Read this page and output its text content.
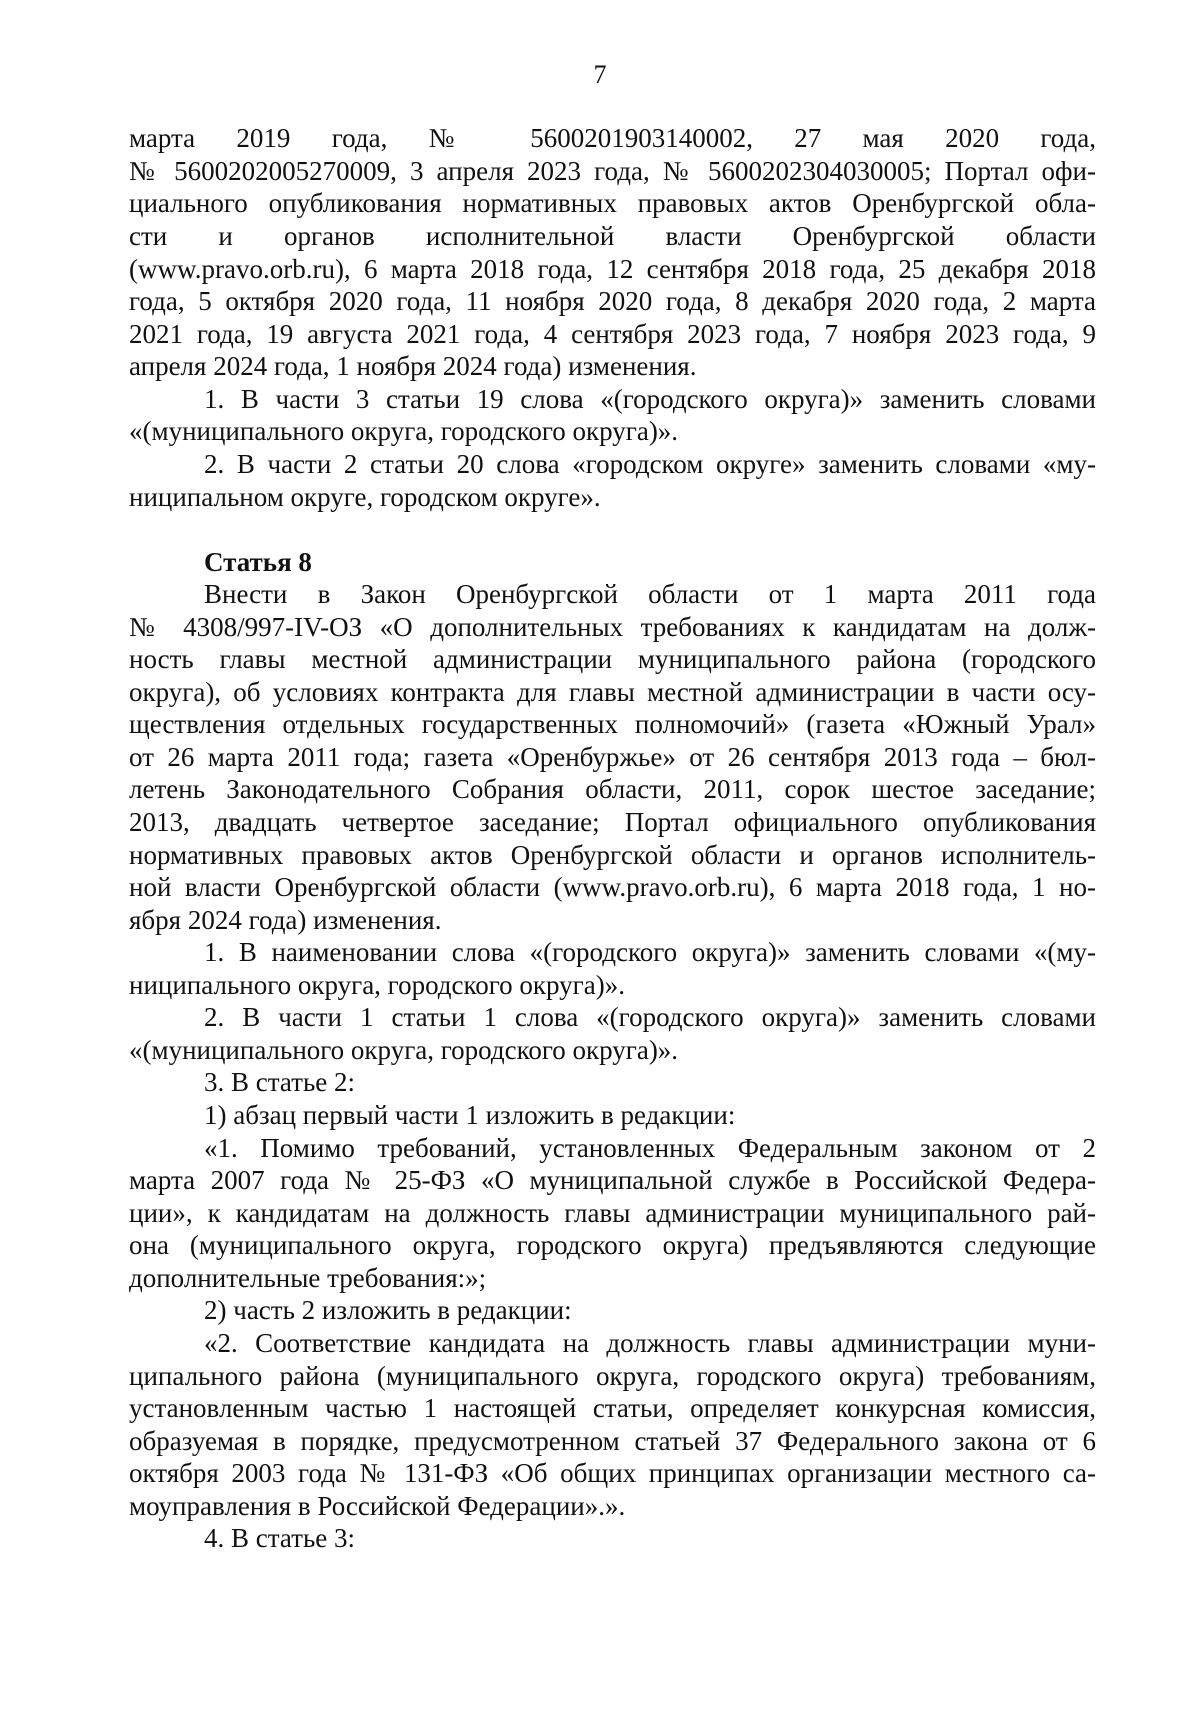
7
марта 2019 года, № 5600201903140002, 27 мая 2020 года,
№ 5600202005270009, 3 апреля 2023 года, № 5600202304030005; Портал офи-
циального опубликования нормативных правовых актов Оренбургской обла-
сти и органов исполнительной власти Оренбургской области
(www.pravo.orb.ru), 6 марта 2018 года, 12 сентября 2018 года, 25 декабря 2018
года, 5 октября 2020 года, 11 ноября 2020 года, 8 декабря 2020 года, 2 марта
2021 года, 19 августа 2021 года, 4 сентября 2023 года, 7 ноября 2023 года, 9
апреля 2024 года, 1 ноября 2024 года) изменения.
1. В части 3 статьи 19 слова «(городского округа)» заменить словами
«(муниципального округа, городского округа)».
2. В части 2 статьи 20 слова «городском округе» заменить словами «му-
ниципальном округе, городском округе».
Статья 8
Внести в Закон Оренбургской области от 1 марта 2011 года
№ 4308/997-IV-ОЗ «О дополнительных требованиях к кандидатам на долж-
ность главы местной администрации муниципального района (городского
округа), об условиях контракта для главы местной администрации в части осу-
ществления отдельных государственных полномочий» (газета «Южный Урал»
от 26 марта 2011 года; газета «Оренбуржье» от 26 сентября 2013 года – бюл-
летень Законодательного Собрания области, 2011, сорок шестое заседание;
2013, двадцать четвертое заседание; Портал официального опубликования
нормативных правовых актов Оренбургской области и органов исполнитель-
ной власти Оренбургской области (www.pravo.orb.ru), 6 марта 2018 года, 1 но-
ября 2024 года) изменения.
1. В наименовании слова «(городского округа)» заменить словами «(му-
ниципального округа, городского округа)».
2. В части 1 статьи 1 слова «(городского округа)» заменить словами
«(муниципального округа, городского округа)».
3. В статье 2:
1) абзац первый части 1 изложить в редакции:
«1. Помимо требований, установленных Федеральным законом от 2
марта 2007 года № 25-ФЗ «О муниципальной службе в Российской Федера-
ции», к кандидатам на должность главы администрации муниципального рай-
она (муниципального округа, городского округа) предъявляются следующие
дополнительные требования:»;
2) часть 2 изложить в редакции:
«2. Соответствие кандидата на должность главы администрации муни-
ципального района (муниципального округа, городского округа) требованиям,
установленным частью 1 настоящей статьи, определяет конкурсная комиссия,
образуемая в порядке, предусмотренном статьей 37 Федерального закона от 6
октября 2003 года № 131-ФЗ «Об общих принципах организации местного са-
моуправления в Российской Федерации».».
4. В статье 3:
